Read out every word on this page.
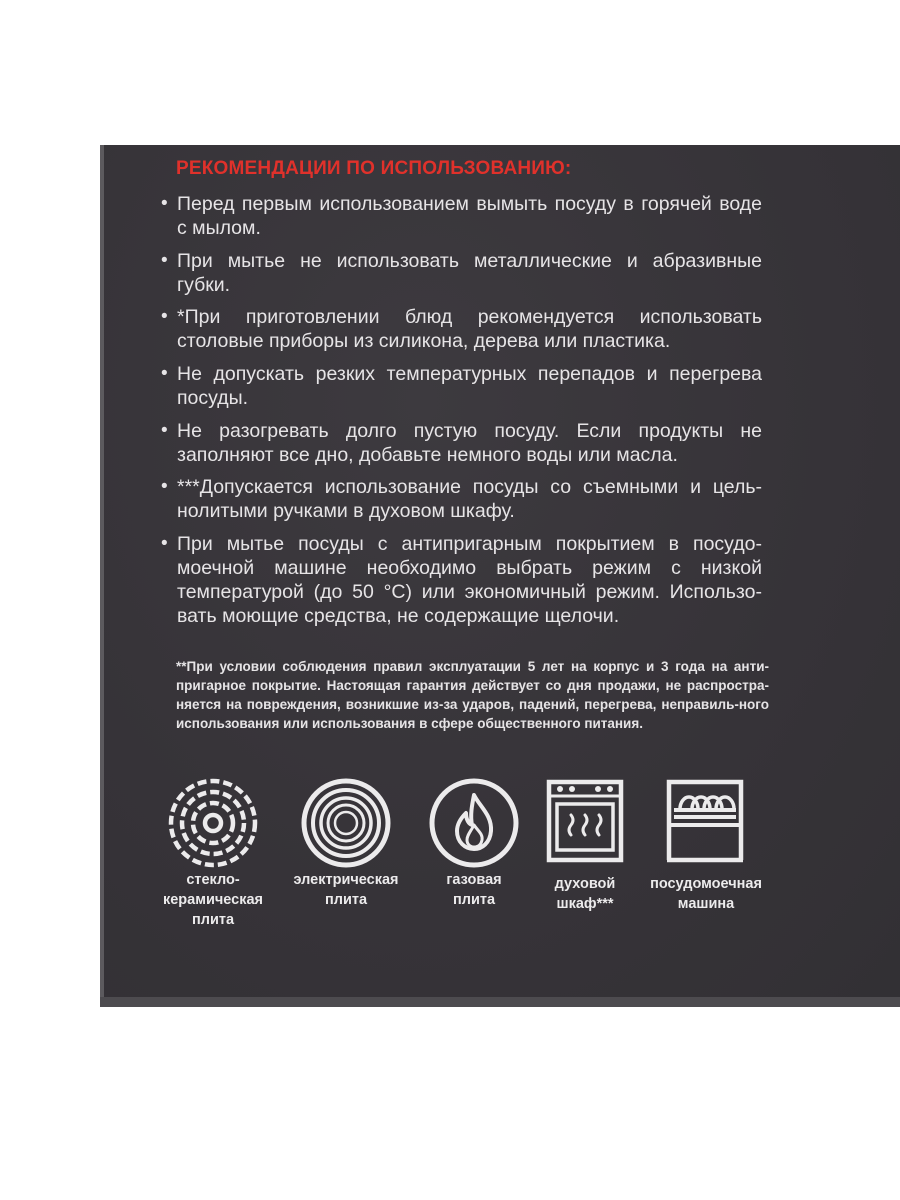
РЕКОМЕНДАЦИИ ПО ИСПОЛЬЗОВАНИЮ:
• Перед первым использованием вымыть посуду в горячей воде с мылом.
• При мытье не использовать металлические и абразивные губки.
• *При приготовлении блюд рекомендуется использовать столовые приборы из силикона, дерева или пластика.
• Не допускать резких температурных перепадов и перегрева посуды.
• Не разогревать долго пустую посуду. Если продукты не заполняют все дно, добавьте немного воды или масла.
• ***Допускается использование посуды со съемными и цель-нолитыми ручками в духовом шкафу.
• При мытье посуды с антипригарным покрытием в посудо-моечной машине необходимо выбрать режим с низкой температурой (до 50 °C) или экономичный режим. Использо-вать моющие средства, не содержащие щелочи.
**При условии соблюдения правил эксплуатации 5 лет на корпус и 3 года на анти-пригарное покрытие. Настоящая гарантия действует со дня продажи, не распростра-няется на повреждения, возникшие из-за ударов, падений, перегрева, неправиль-ного использования или использования в сфере общественного питания.
стекло-
керамическая
плита
электрическая
плита
газовая
плита
духовой
шкаф***
посудомоечная
машина
